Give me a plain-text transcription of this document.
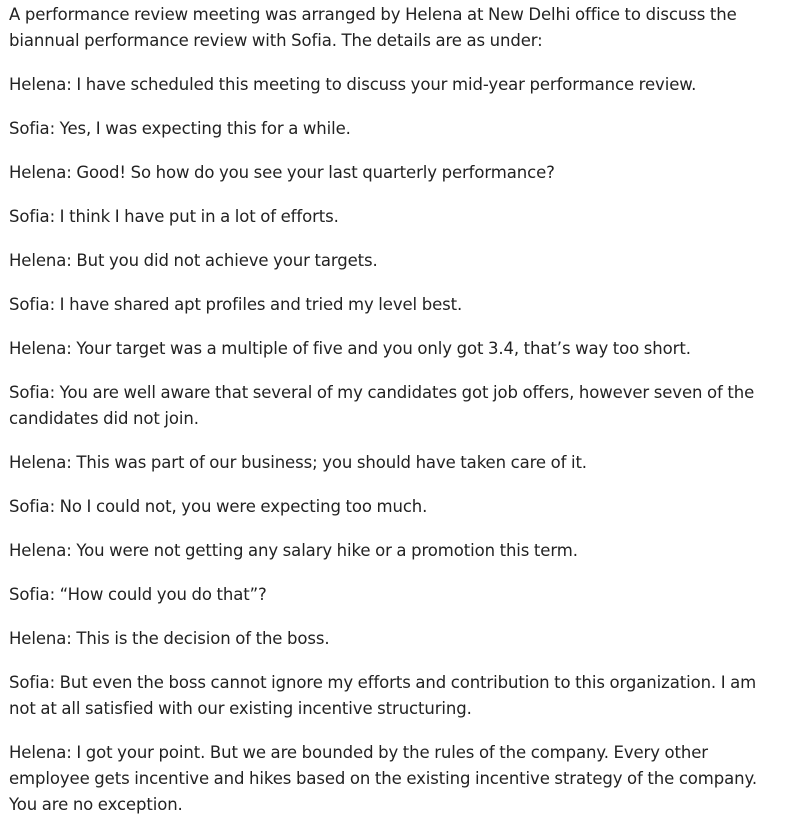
A performance review meeting was arranged by Helena at New Delhi office to discuss the biannual performance review with Sofia. The details are as under:

Helena: I have scheduled this meeting to discuss your mid-year performance review.

Sofia: Yes, I was expecting this for a while.

Helena: Good! So how do you see your last quarterly performance?

Sofia: I think I have put in a lot of efforts.

Helena: But you did not achieve your targets.

Sofia: I have shared apt profiles and tried my level best.

Helena: Your target was a multiple of five and you only got 3.4, that’s way too short.

Sofia: You are well aware that several of my candidates got job offers, however seven of the candidates did not join.

Helena: This was part of our business; you should have taken care of it.

Sofia: No I could not, you were expecting too much.

Helena: You were not getting any salary hike or a promotion this term.

Sofia: “How could you do that”?

Helena: This is the decision of the boss.

Sofia: But even the boss cannot ignore my efforts and contribution to this organization. I am not at all satisfied with our existing incentive structuring.

Helena: I got your point. But we are bounded by the rules of the company. Every other employee gets incentive and hikes based on the existing incentive strategy of the company. You are no exception.
